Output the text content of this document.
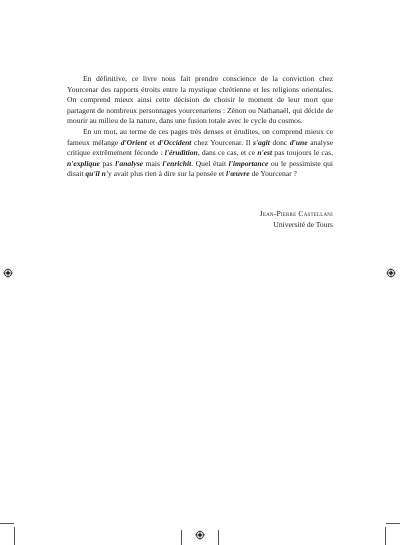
En définitive, ce livre nous fait prendre conscience de la conviction chez Yourcenar des rapports étroits entre la mystique chrétienne et les religions orientales. On comprend mieux ainsi cette décision de choisir le moment de leur mort que partagent de nombreux personnages yourcenariens : Zénon ou Nathanaël, qui décide de mourir au milieu de la nature, dans une fusion totale avec le cycle du cosmos.

En un mot, au terme de ces pages très denses et érudites, on comprend mieux ce fameux mélange d'Orient et d'Occident chez Yourcenar. Il s'agit donc d'une analyse critique extrêmement féconde : l'érudition, dans ce cas, et ce n'est pas toujours le cas, n'explique pas l'analyse mais l'enrichit. Quel était l'importance ou le pessimiste qui disait qu'il n'y avait plus rien à dire sur la pensée et l'œuvre de Yourcenar ?

Jean-Pierre Castellani
Université de Tours
